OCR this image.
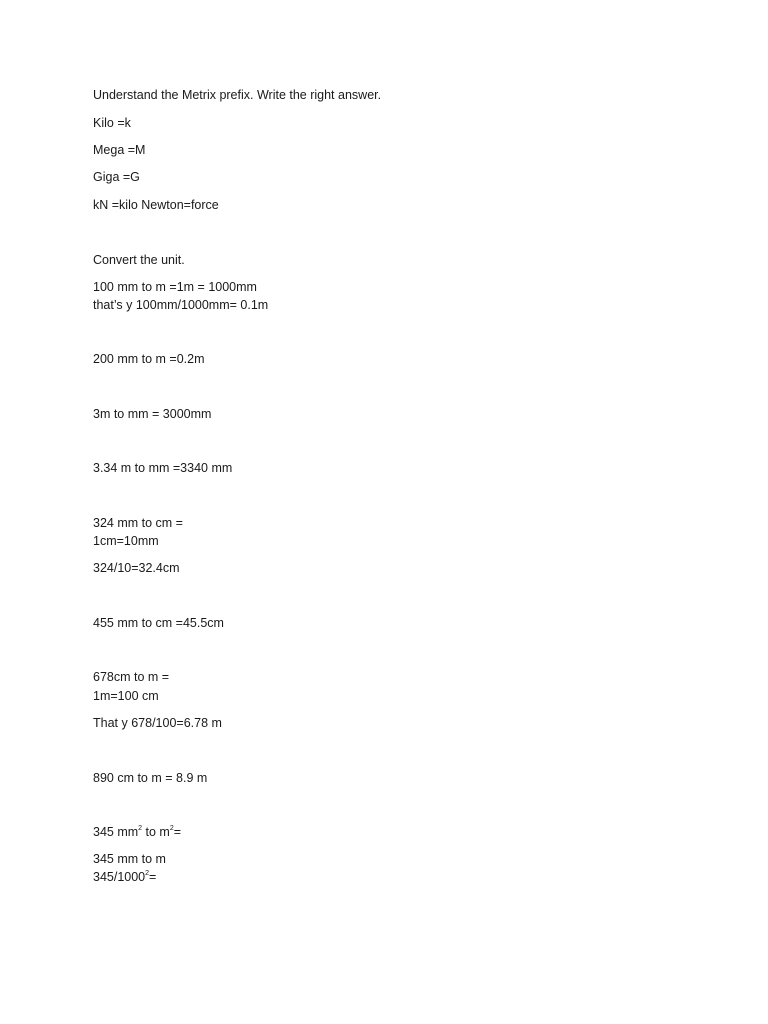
Understand the Metrix prefix. Write the right answer.
Kilo =k
Mega =M
Giga =G
kN =kilo Newton=force
Convert the unit.
100 mm to m =1m = 1000mm
that’s y 100mm/1000mm= 0.1m
200 mm to m =0.2m
3m to mm = 3000mm
3.34 m to mm =3340 mm
324 mm to cm =
1cm=10mm
324/10=32.4cm
455 mm to cm =45.5cm
678cm to m =
1m=100 cm
That y 678/100=6.78 m
890 cm to m = 8.9 m
345 $mm^2$ to $m^2=$
345 mm to m
$345/1000^2=$
